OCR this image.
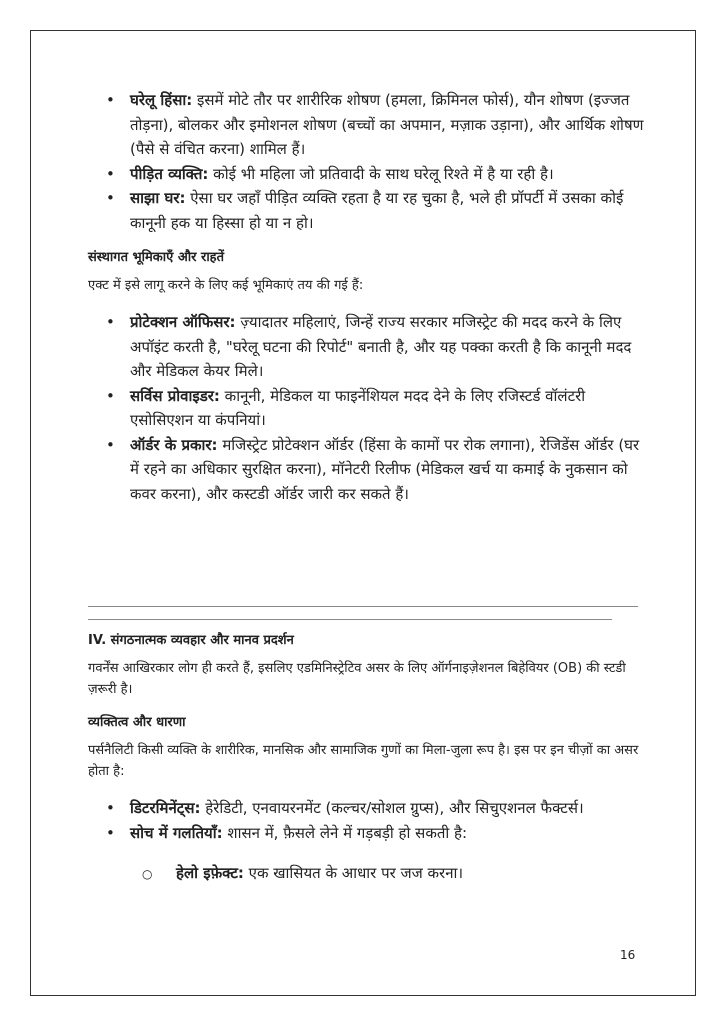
• घरेलू हिंसा: इसमें मोटे तौर पर शारीरिक शोषण (हमला, क्रिमिनल फोर्स), यौन शोषण (इज्जत तोड़ना), बोलकर और इमोशनल शोषण (बच्चों का अपमान, मज़ाक उड़ाना), और आर्थिक शोषण (पैसे से वंचित करना) शामिल हैं।
• पीड़ित व्यक्ति: कोई भी महिला जो प्रतिवादी के साथ घरेलू रिश्ते में है या रही है।
• साझा घर: ऐसा घर जहाँ पीड़ित व्यक्ति रहता है या रह चुका है, भले ही प्रॉपर्टी में उसका कोई कानूनी हक या हिस्सा हो या न हो।
संस्थागत भूमिकाएँ और राहतें

एक्ट में इसे लागू करने के लिए कई भूमिकाएं तय की गई हैं:

• प्रोटेक्शन ऑफिसर: ज़्यादातर महिलाएं, जिन्हें राज्य सरकार मजिस्ट्रेट की मदद करने के लिए अपॉइंट करती है, "घरेलू घटना की रिपोर्ट" बनाती है, और यह पक्का करती है कि कानूनी मदद और मेडिकल केयर मिले।
• सर्विस प्रोवाइडर: कानूनी, मेडिकल या फाइनेंशियल मदद देने के लिए रजिस्टर्ड वॉलंटरी एसोसिएशन या कंपनियां।
• ऑर्डर के प्रकार: मजिस्ट्रेट प्रोटेक्शन ऑर्डर (हिंसा के कामों पर रोक लगाना), रेजिडेंस ऑर्डर (घर में रहने का अधिकार सुरक्षित करना), मॉनेटरी रिलीफ (मेडिकल खर्च या कमाई के नुकसान को कवर करना), और कस्टडी ऑर्डर जारी कर सकते हैं।
IV. संगठनात्मक व्यवहार और मानव प्रदर्शन

गवर्नेंस आखिरकार लोग ही करते हैं, इसलिए एडमिनिस्ट्रेटिव असर के लिए ऑर्गनाइज़ेशनल बिहेवियर (OB) की स्टडी ज़रूरी है।

व्यक्तित्व और धारणा

पर्सनैलिटी किसी व्यक्ति के शारीरिक, मानसिक और सामाजिक गुणों का मिला-जुला रूप है। इस पर इन चीज़ों का असर होता है:

• डिटरमिनेंट्स: हेरेडिटी, एनवायरनमेंट (कल्चर/सोशल ग्रुप्स), और सिचुएशनल फैक्टर्स।
• सोच में गलतियाँ: शासन में, फ़ैसले लेने में गड़बड़ी हो सकती है:
○ हेलो इफ़ेक्ट: एक खासियत के आधार पर जज करना।
16
